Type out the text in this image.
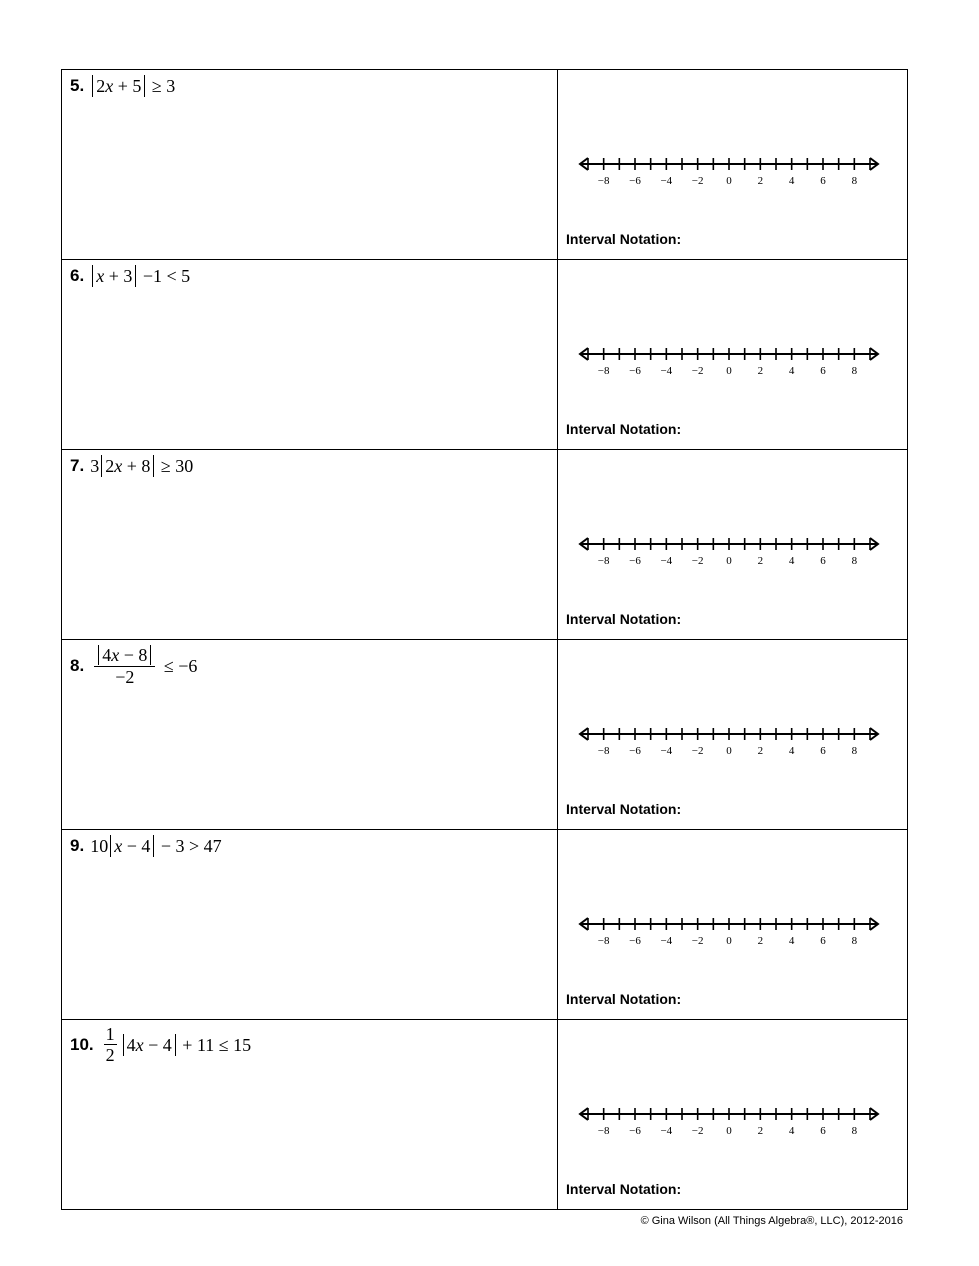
5. 2x + 5 ≥ 3
−8 −6 −4 −2 0 2 4 6 8
Interval Notation:
6. x + 3 −1 < 5
−8 −6 −4 −2 0 2 4 6 8
Interval Notation:
7. 3 2x + 8 ≥ 30
−8 −6 −4 −2 0 2 4 6 8
Interval Notation:
8. $\frac{4x - 8}{-2} \le -6$
−8 −6 −4 −2 0 2 4 6 8
Interval Notation:
9. 10 x − 4 − 3 > 47
−8 −6 −4 −2 0 2 4 6 8
Interval Notation:
10. $\frac{1}{2} 4x - 4 + 11 \le 15$
−8 −6 −4 −2 0 2 4 6 8
Interval Notation:
© Gina Wilson (All Things Algebra®, LLC), 2012-2016
